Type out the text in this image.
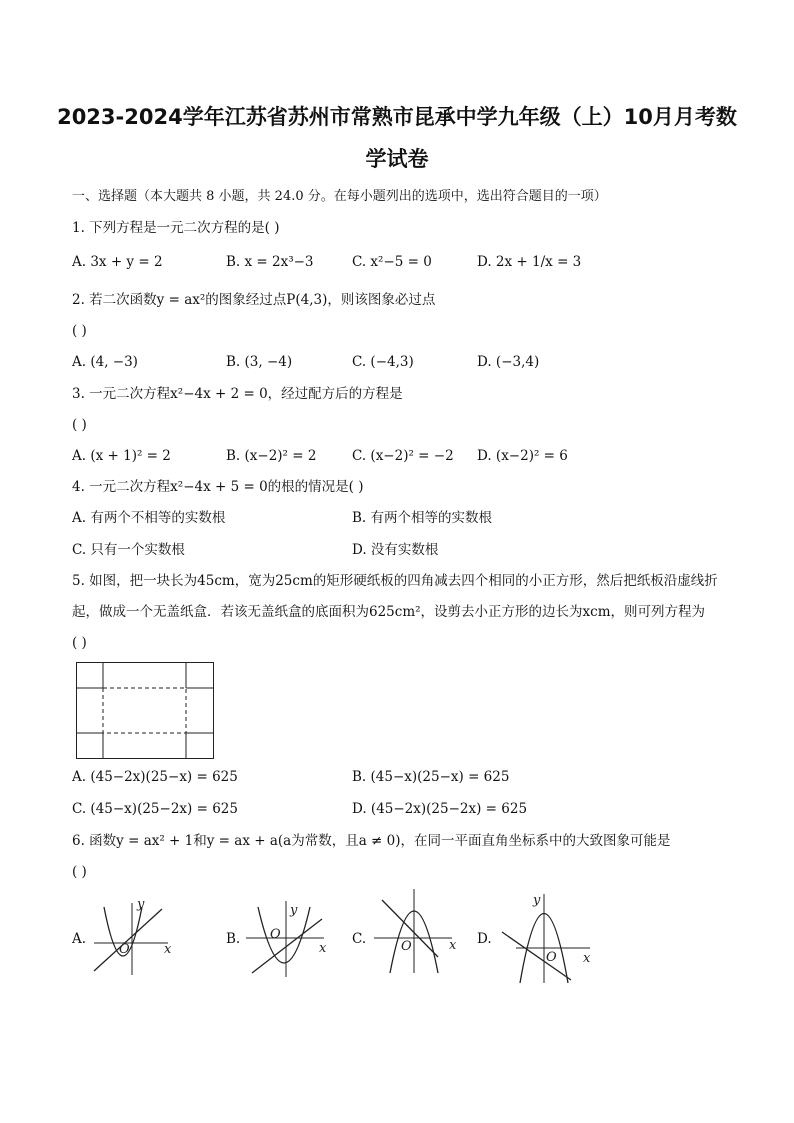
2023-2024学年江苏省苏州市常熟市昆承中学九年级（上）10月月考数
学试卷
一、选择题（本大题共 8 小题，共 24.0 分。在每小题列出的选项中，选出符合题目的一项）
1. 下列方程是一元二次方程的是( )
A. 3x + y = 2	B. x = 2x³−3	C. x²−5 = 0	D. 2x + 1/x = 3
2. 若二次函数y = ax²的图象经过点P(4,3)，则该图象必过点
( )
A. (4, −3)	B. (3, −4)	C. (−4,3)	D. (−3,4)
3. 一元二次方程x²−4x + 2 = 0，经过配方后的方程是
( )
A. (x + 1)² = 2	B. (x−2)² = 2	C. (x−2)² = −2 D. (x−2)² = 6
4. 一元二次方程x²−4x + 5 = 0的根的情况是( )
A. 有两个不相等的实数根	B. 有两个相等的实数根
C. 只有一个实数根	D. 没有实数根
5. 如图，把一块长为45cm，宽为25cm的矩形硬纸板的四角减去四个相同的小正方形，然后把纸板沿虚线折
起，做成一个无盖纸盒．若该无盖纸盒的底面积为625cm²，设剪去小正方形的边长为xcm，则可列方程为
( )
A. (45−2x)(25−x) = 625	B. (45−x)(25−x) = 625
C. (45−x)(25−2x) = 625	D. (45−2x)(25−2x) = 625
6. 函数y = ax² + 1和y = ax + a(a为常数，且a ≠ 0)，在同一平面直角坐标系中的大致图象可能是
( )
A.
y
O	x
B.
y
O
x
C.	O	x D.
y
O x
